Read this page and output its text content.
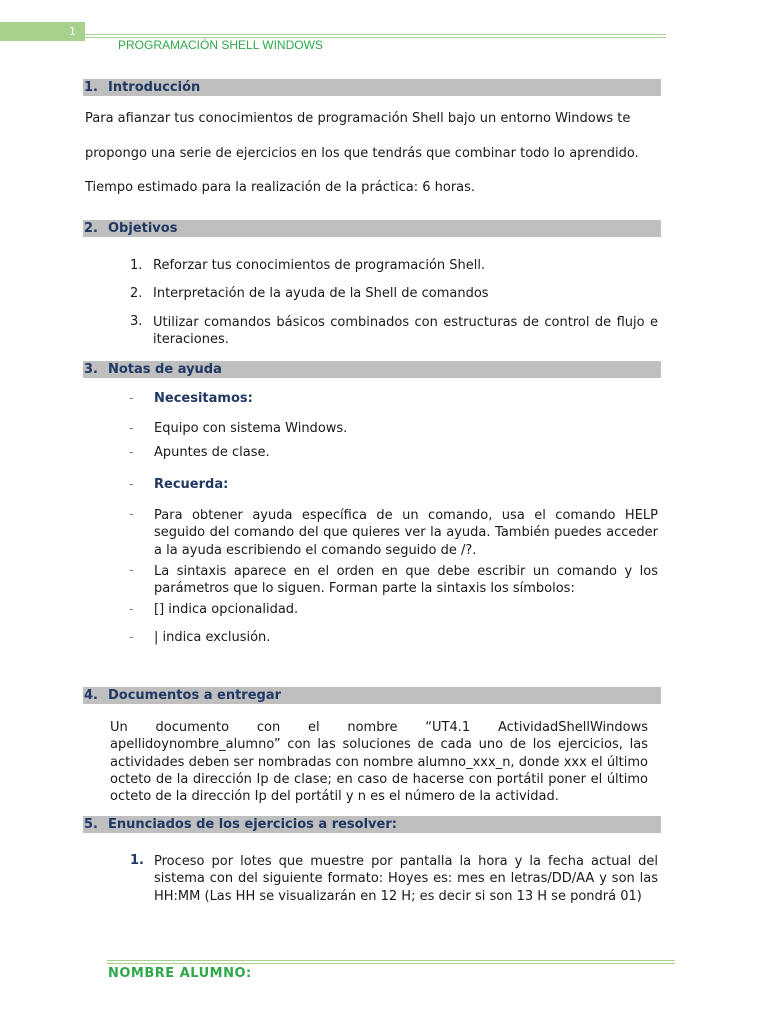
1
PROGRAMACIÓN SHELL WINDOWS
1. Introducción
Para afianzar tus conocimientos de programación Shell bajo un entorno Windows te
propongo una serie de ejercicios en los que tendrás que combinar todo lo aprendido.
Tiempo estimado para la realización de la práctica: 6 horas.
2. Objetivos
1. Reforzar tus conocimientos de programación Shell.
2. Interpretación de la ayuda de la Shell de comandos
3. Utilizar comandos básicos combinados con estructuras de control de flujo e iteraciones.
3. Notas de ayuda
- Necesitamos:
- Equipo con sistema Windows.
- Apuntes de clase.
- Recuerda:
- Para obtener ayuda específica de un comando, usa el comando HELP seguido del comando del que quieres ver la ayuda. También puedes acceder a la ayuda escribiendo el comando seguido de /?.
- La sintaxis aparece en el orden en que debe escribir un comando y los parámetros que lo siguen. Forman parte la sintaxis los símbolos:
- [] indica opcionalidad.
- | indica exclusión.
4. Documentos a entregar
Un documento con el nombre “UT4.1 ActividadShellWindows apellidoynombre_alumno” con las soluciones de cada uno de los ejercicios, las actividades deben ser nombradas con nombre alumno_xxx_n, donde xxx el último octeto de la dirección Ip de clase; en caso de hacerse con portátil poner el último octeto de la dirección Ip del portátil y n es el número de la actividad.
5. Enunciados de los ejercicios a resolver:
1. Proceso por lotes que muestre por pantalla la hora y la fecha actual del sistema con del siguiente formato: Hoyes es: mes en letras/DD/AA y son las HH:MM (Las HH se visualizarán en 12 H; es decir si son 13 H se pondrá 01)
NOMBRE ALUMNO:
